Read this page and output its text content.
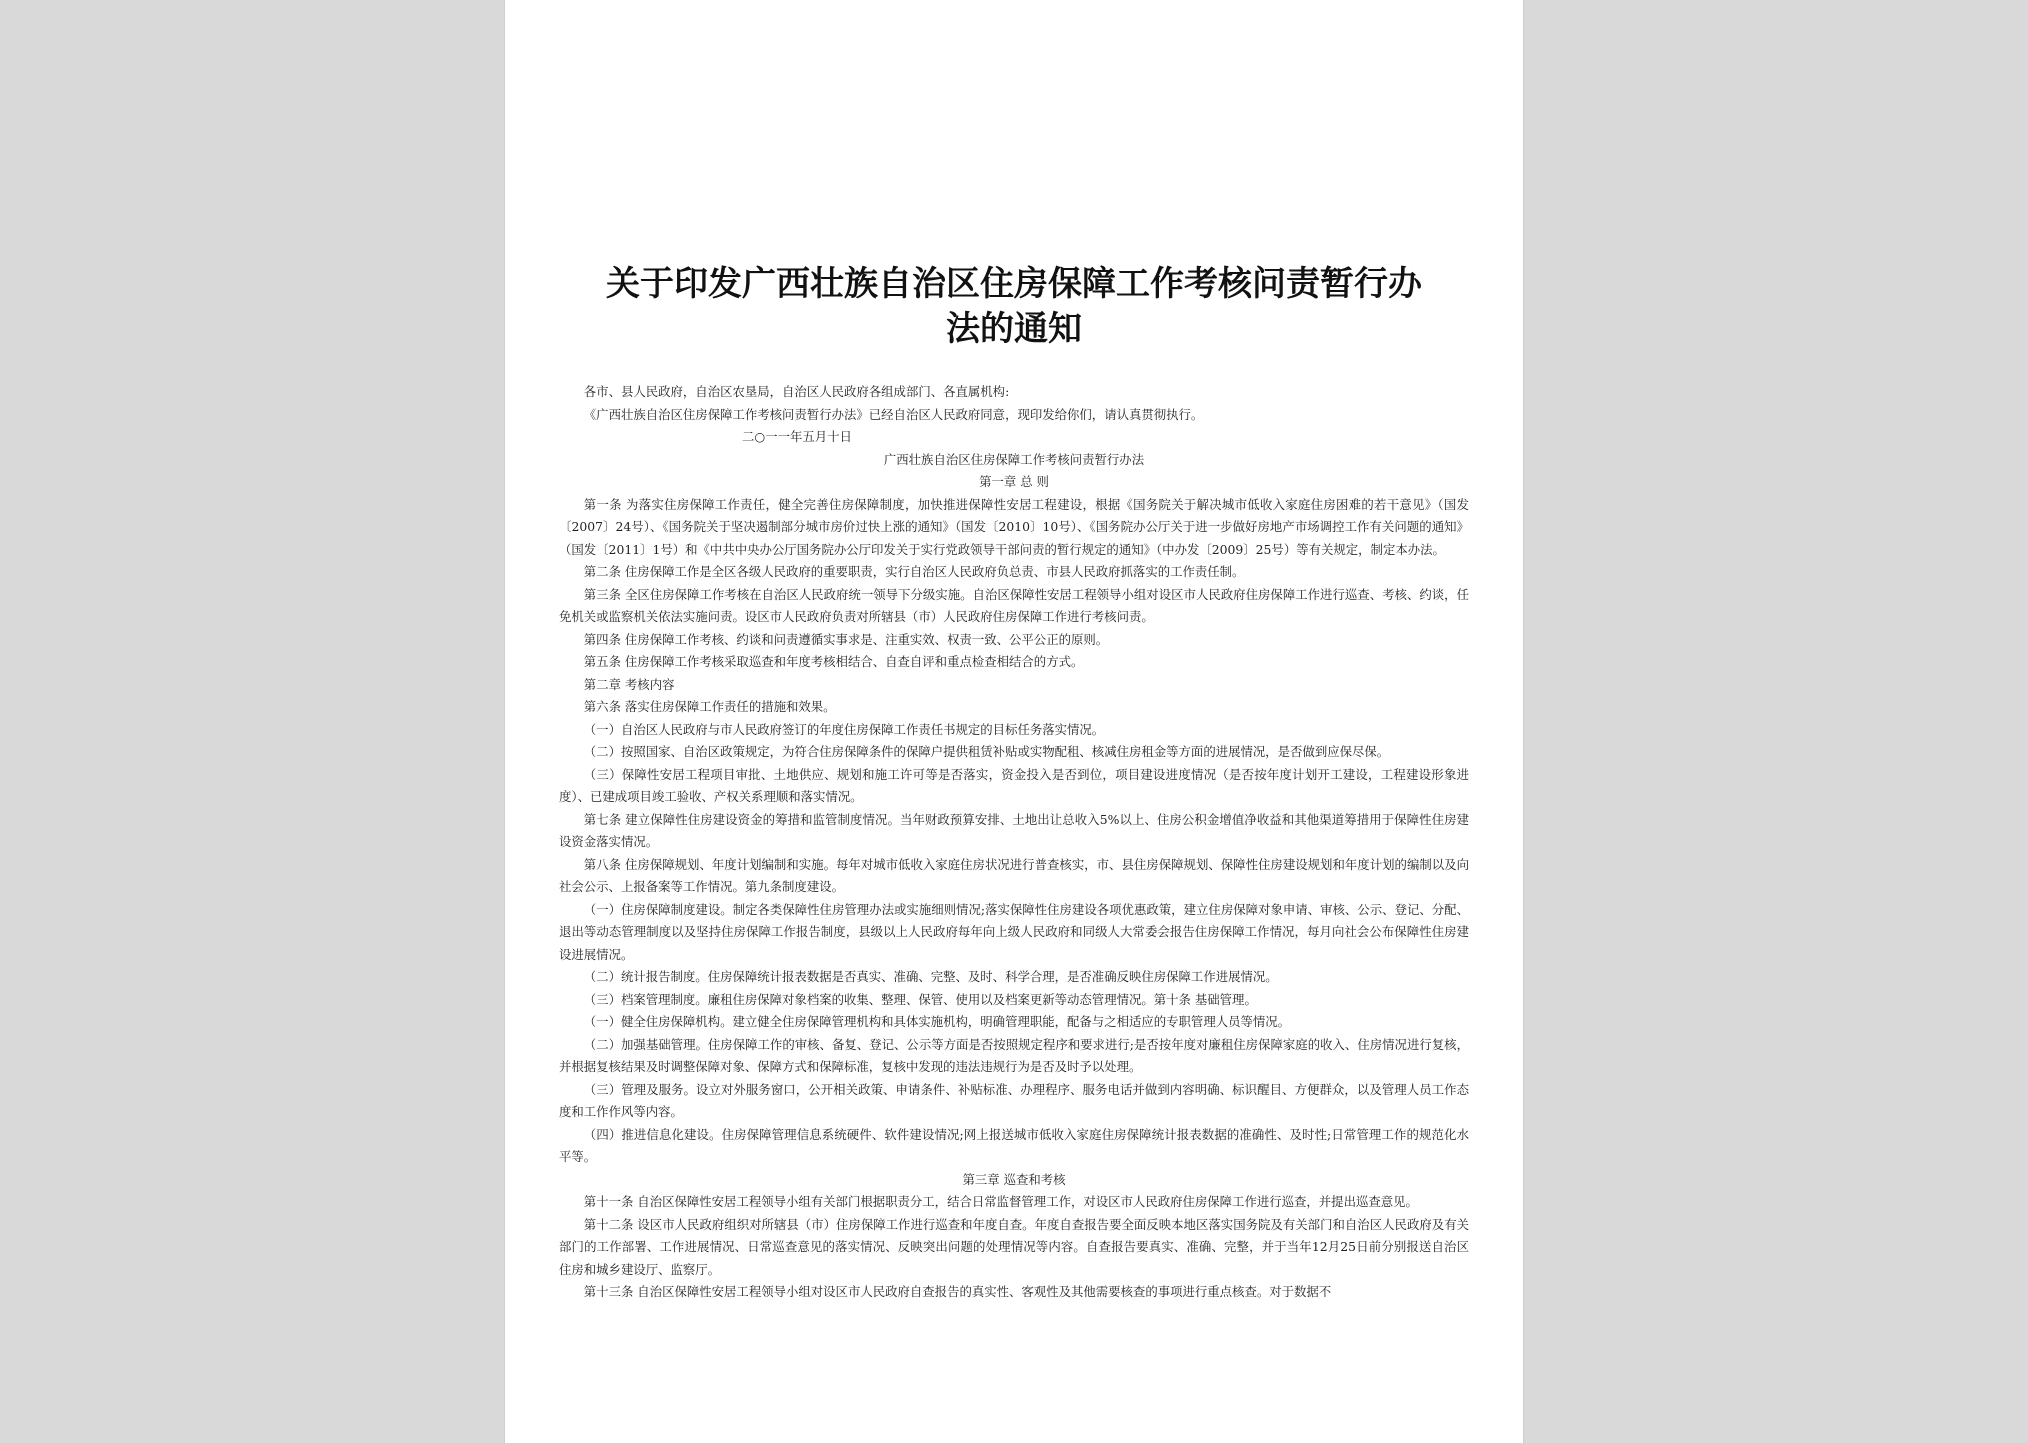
关于印发广西壮族自治区住房保障工作考核问责暂行办
法的通知

各市、县人民政府，自治区农垦局，自治区人民政府各组成部门、各直属机构:

《广西壮族自治区住房保障工作考核问责暂行办法》已经自治区人民政府同意，现印发给你们，请认真贯彻执行。

二○一一年五月十日

广西壮族自治区住房保障工作考核问责暂行办法

第一章 总 则

第一条 为落实住房保障工作责任，健全完善住房保障制度，加快推进保障性安居工程建设，根据《国务院关于解决城市低收入家庭住房困难的若干意见》（国发〔2007〕24号）、《国务院关于坚决遏制部分城市房价过快上涨的通知》（国发〔2010〕10号）、《国务院办公厅关于进一步做好房地产市场调控工作有关问题的通知》（国发〔2011〕1号）和《中共中央办公厅国务院办公厅印发关于实行党政领导干部问责的暂行规定的通知》（中办发〔2009〕25号）等有关规定，制定本办法。

第二条 住房保障工作是全区各级人民政府的重要职责，实行自治区人民政府负总责、市县人民政府抓落实的工作责任制。

第三条 全区住房保障工作考核在自治区人民政府统一领导下分级实施。自治区保障性安居工程领导小组对设区市人民政府住房保障工作进行巡查、考核、约谈，任免机关或监察机关依法实施问责。设区市人民政府负责对所辖县（市）人民政府住房保障工作进行考核问责。

第四条 住房保障工作考核、约谈和问责遵循实事求是、注重实效、权责一致、公平公正的原则。

第五条 住房保障工作考核采取巡查和年度考核相结合、自查自评和重点检查相结合的方式。

第二章 考核内容

第六条 落实住房保障工作责任的措施和效果。

（一）自治区人民政府与市人民政府签订的年度住房保障工作责任书规定的目标任务落实情况。

（二）按照国家、自治区政策规定，为符合住房保障条件的保障户提供租赁补贴或实物配租、核减住房租金等方面的进展情况，是否做到应保尽保。

（三）保障性安居工程项目审批、土地供应、规划和施工许可等是否落实，资金投入是否到位，项目建设进度情况（是否按年度计划开工建设，工程建设形象进度）、已建成项目竣工验收、产权关系理顺和落实情况。

第七条 建立保障性住房建设资金的筹措和监管制度情况。当年财政预算安排、土地出让总收入5%以上、住房公积金增值净收益和其他渠道筹措用于保障性住房建设资金落实情况。

第八条 住房保障规划、年度计划编制和实施。每年对城市低收入家庭住房状况进行普查核实，市、县住房保障规划、保障性住房建设规划和年度计划的编制以及向社会公示、上报备案等工作情况。第九条制度建设。

（一）住房保障制度建设。制定各类保障性住房管理办法或实施细则情况;落实保障性住房建设各项优惠政策，建立住房保障对象申请、审核、公示、登记、分配、退出等动态管理制度以及坚持住房保障工作报告制度，县级以上人民政府每年向上级人民政府和同级人大常委会报告住房保障工作情况，每月向社会公布保障性住房建设进展情况。

（二）统计报告制度。住房保障统计报表数据是否真实、准确、完整、及时、科学合理，是否准确反映住房保障工作进展情况。

（三）档案管理制度。廉租住房保障对象档案的收集、整理、保管、使用以及档案更新等动态管理情况。第十条 基础管理。

（一）健全住房保障机构。建立健全住房保障管理机构和具体实施机构，明确管理职能，配备与之相适应的专职管理人员等情况。

（二）加强基础管理。住房保障工作的审核、备复、登记、公示等方面是否按照规定程序和要求进行;是否按年度对廉租住房保障家庭的收入、住房情况进行复核，并根据复核结果及时调整保障对象、保障方式和保障标准，复核中发现的违法违规行为是否及时予以处理。

（三）管理及服务。设立对外服务窗口，公开相关政策、申请条件、补贴标准、办理程序、服务电话并做到内容明确、标识醒目、方便群众，以及管理人员工作态度和工作作风等内容。

（四）推进信息化建设。住房保障管理信息系统硬件、软件建设情况;网上报送城市低收入家庭住房保障统计报表数据的准确性、及时性;日常管理工作的规范化水平等。

第三章 巡查和考核

第十一条 自治区保障性安居工程领导小组有关部门根据职责分工，结合日常监督管理工作，对设区市人民政府住房保障工作进行巡查，并提出巡查意见。

第十二条 设区市人民政府组织对所辖县（市）住房保障工作进行巡查和年度自查。年度自查报告要全面反映本地区落实国务院及有关部门和自治区人民政府及有关部门的工作部署、工作进展情况、日常巡查意见的落实情况、反映突出问题的处理情况等内容。自查报告要真实、准确、完整，并于当年12月25日前分别报送自治区住房和城乡建设厅、监察厅。

第十三条 自治区保障性安居工程领导小组对设区市人民政府自查报告的真实性、客观性及其他需要核查的事项进行重点核查。对于数据不
